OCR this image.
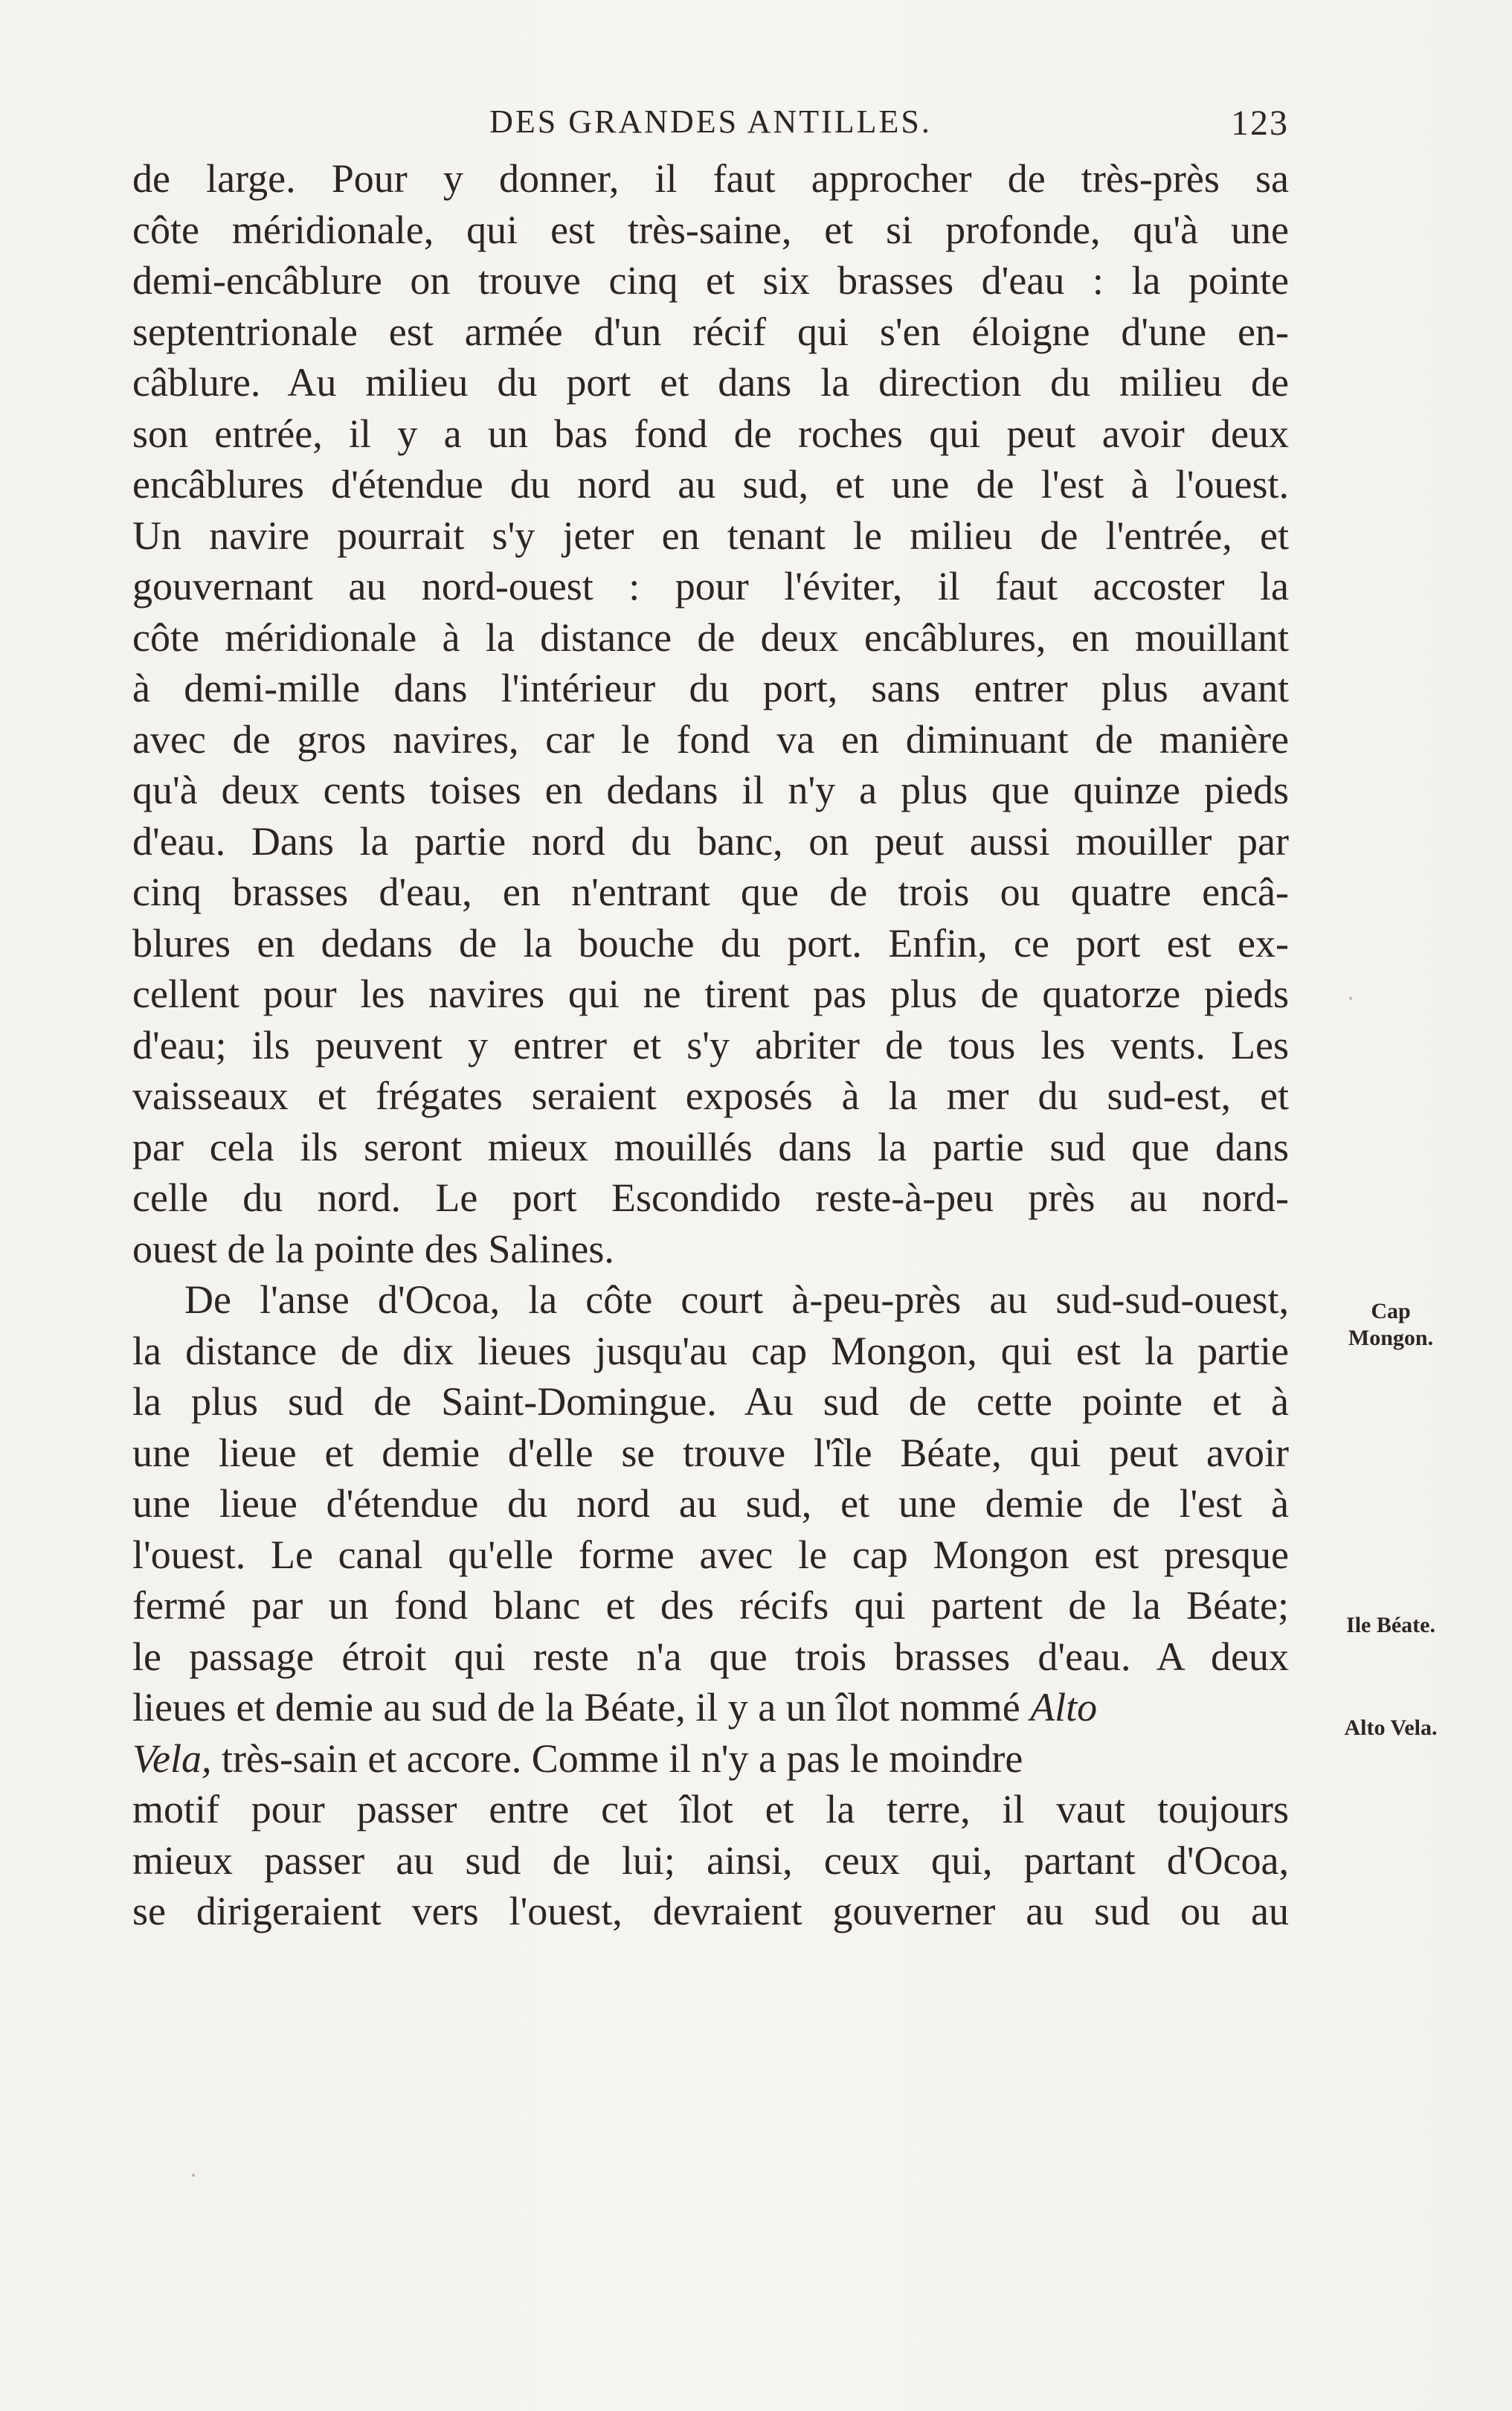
DES GRANDES ANTILLES.	123
de large. Pour y donner, il faut approcher de très-près sa
côte méridionale, qui est très-saine, et si profonde, qu'à une
demi-encâblure on trouve cinq et six brasses d'eau : la pointe
septentrionale est armée d'un récif qui s'en éloigne d'une en-
câblure. Au milieu du port et dans la direction du milieu de
son entrée, il y a un bas fond de roches qui peut avoir deux
encâblures d'étendue du nord au sud, et une de l'est à l'ouest.
Un navire pourrait s'y jeter en tenant le milieu de l'entrée, et
gouvernant au nord-ouest : pour l'éviter, il faut accoster la
côte méridionale à la distance de deux encâblures, en mouillant
à demi-mille dans l'intérieur du port, sans entrer plus avant
avec de gros navires, car le fond va en diminuant de manière
qu'à deux cents toises en dedans il n'y a plus que quinze pieds
d'eau. Dans la partie nord du banc, on peut aussi mouiller par
cinq brasses d'eau, en n'entrant que de trois ou quatre encâ-
blures en dedans de la bouche du port. Enfin, ce port est ex-
cellent pour les navires qui ne tirent pas plus de quatorze pieds
d'eau; ils peuvent y entrer et s'y abriter de tous les vents. Les
vaisseaux et frégates seraient exposés à la mer du sud-est, et
par cela ils seront mieux mouillés dans la partie sud que dans
celle du nord. Le port Escondido reste-à-peu près au nord-
ouest de la pointe des Salines.
De l'anse d'Ocoa, la côte court à-peu-près au sud-sud-ouest,
la distance de dix lieues jusqu'au cap Mongon, qui est la partie
la plus sud de Saint-Domingue. Au sud de cette pointe et à
une lieue et demie d'elle se trouve l'île Béate, qui peut avoir
une lieue d'étendue du nord au sud, et une demie de l'est à
l'ouest. Le canal qu'elle forme avec le cap Mongon est presque
fermé par un fond blanc et des récifs qui partent de la Béate;
le passage étroit qui reste n'a que trois brasses d'eau. A deux
lieues et demie au sud de la Béate, il y a un îlot nommé Alto
Vela, très-sain et accore. Comme il n'y a pas le moindre
motif pour passer entre cet îlot et la terre, il vaut toujours
mieux passer au sud de lui; ainsi, ceux qui, partant d'Ocoa,
se dirigeraient vers l'ouest, devraient gouverner au sud ou au
Cap
Mongon.
Ile Béate.
Alto Vela.
